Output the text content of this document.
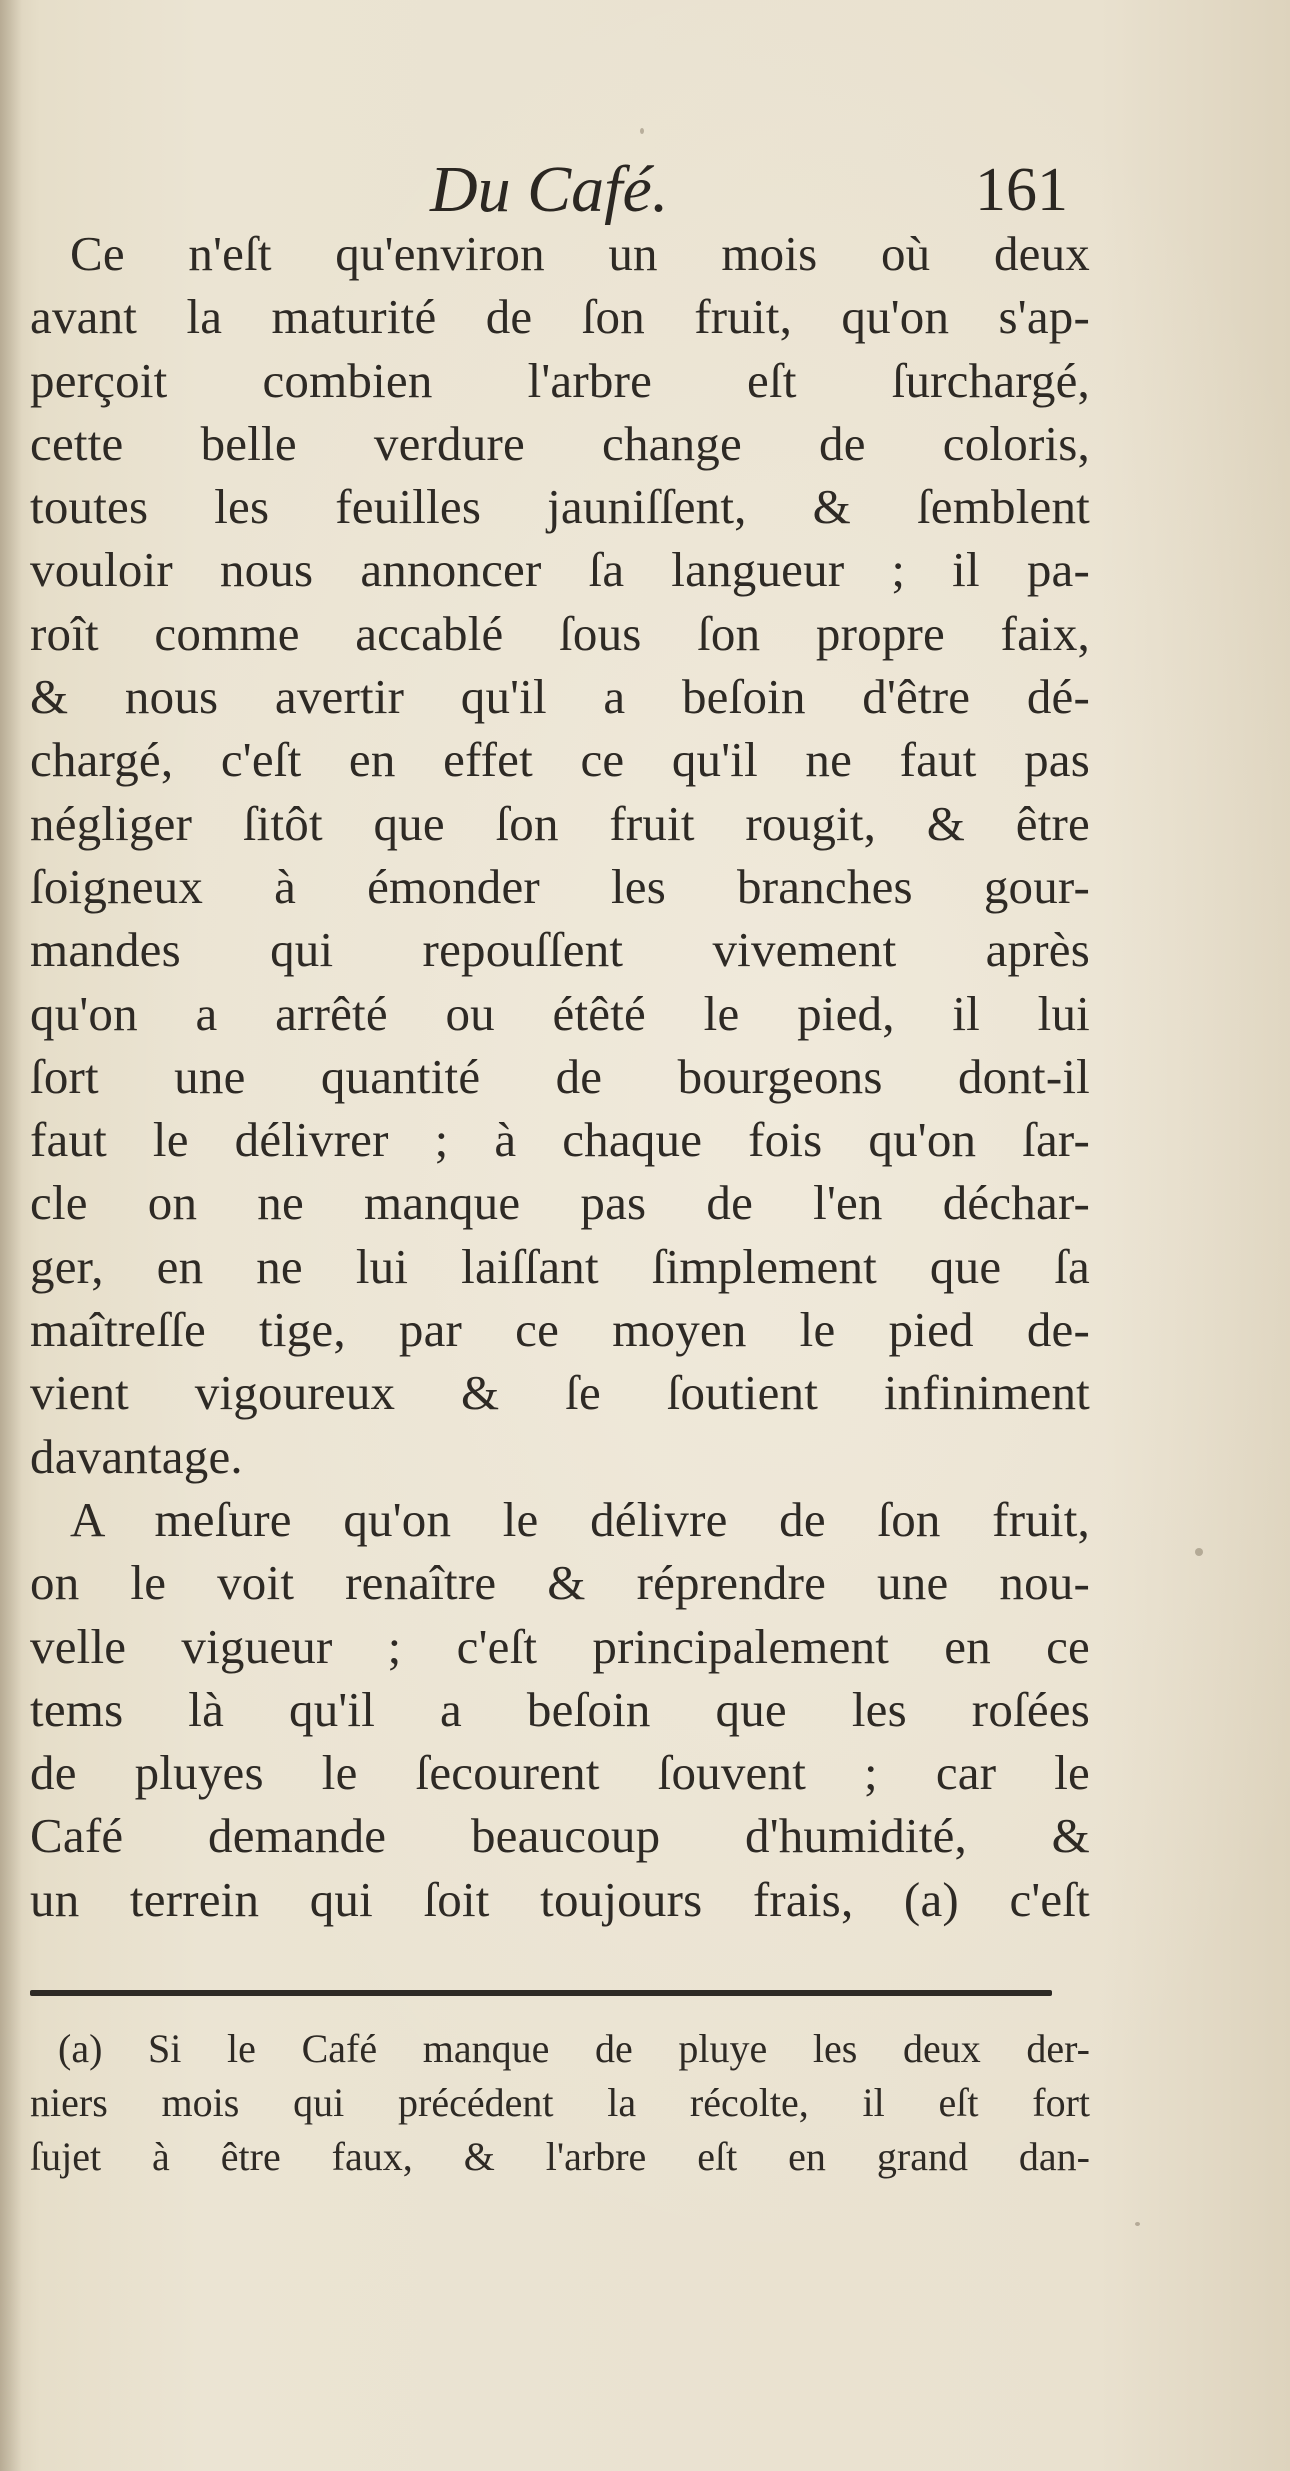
Du Café.	161
Ce n'eſt qu'environ un mois où deux
avant la maturité de ſon fruit, qu'on s'ap-
perçoit combien l'arbre eſt ſurchargé,
cette belle verdure change de coloris,
toutes les feuilles jauniſſent, & ſemblent
vouloir nous annoncer ſa langueur ; il pa-
roît comme accablé ſous ſon propre faix,
& nous avertir qu'il a beſoin d'être dé-
chargé, c'eſt en effet ce qu'il ne faut pas
négliger ſitôt que ſon fruit rougit, & être
ſoigneux à émonder les branches gour-
mandes qui repouſſent vivement après
qu'on a arrêté ou étêté le pied, il lui
ſort une quantité de bourgeons dont-il
faut le délivrer ; à chaque fois qu'on ſar-
cle on ne manque pas de l'en déchar-
ger, en ne lui laiſſant ſimplement que ſa
maîtreſſe tige, par ce moyen le pied de-
vient vigoureux & ſe ſoutient infiniment
davantage.
A meſure qu'on le délivre de ſon fruit,
on le voit renaître & réprendre une nou-
velle vigueur ; c'eſt principalement en ce
tems là qu'il a beſoin que les roſées
de pluyes le ſecourent ſouvent ; car le
Café demande beaucoup d'humidité, &
un terrein qui ſoit toujours frais, (a) c'eſt
(a) Si le Café manque de pluye les deux der-
niers mois qui précédent la récolte, il eſt fort
ſujet à être faux, & l'arbre eſt en grand dan-
